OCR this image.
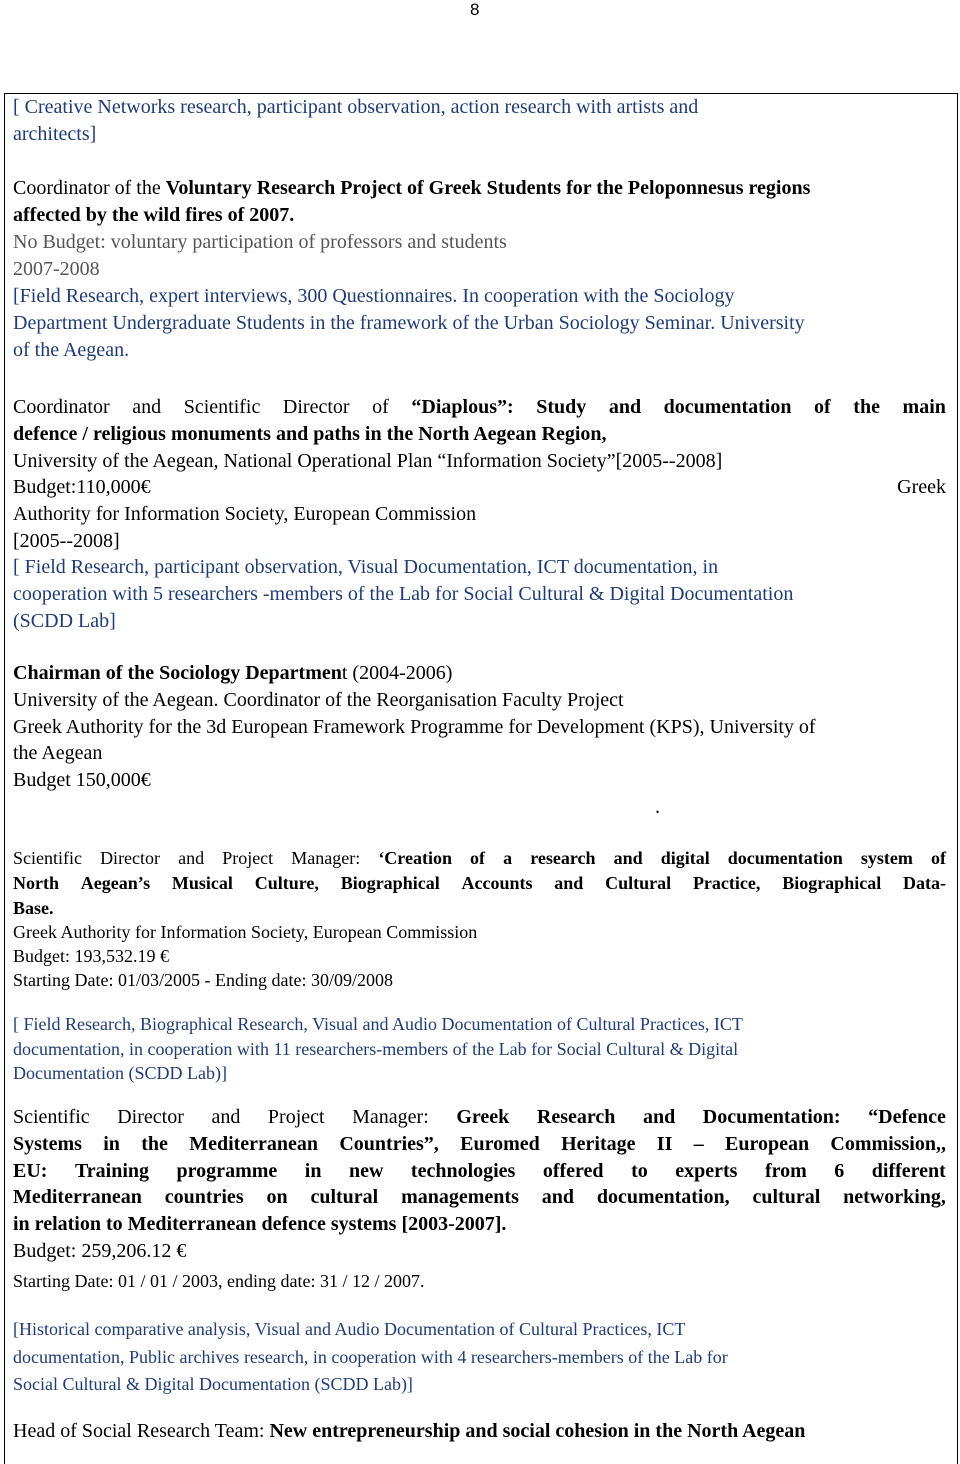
8
[ Creative Networks research, participant observation, action research with artists and
architects]
Coordinator of the Voluntary Research Project of Greek Students for the Peloponnesus regions
affected by the wild fires of 2007.
No Budget: voluntary participation of professors and students
2007-2008
[Field Research, expert interviews, 300 Questionnaires. In cooperation with the Sociology
Department Undergraduate Students in the framework of the Urban Sociology Seminar. University
of the Aegean.
Coordinator and Scientific Director of “Diaplous”: Study and documentation of the main
defence / religious monuments and paths in the North Aegean Region,
University of the Aegean, National Operational Plan “Information Society”[2005--2008]
Budget:110,000€	Greek
Authority for Information Society, European Commission
[2005--2008]
[ Field Research, participant observation, Visual Documentation, ICT documentation, in
cooperation with 5 researchers -members of the Lab for Social Cultural & Digital Documentation
(SCDD Lab]
Chairman of the Sociology Department (2004-2006)
University of the Aegean. Coordinator of the Reorganisation Faculty Project
Greek Authority for the 3d European Framework Programme for Development (KPS), University of
the Aegean
Budget 150,000€
.
Scientific Director and Project Manager: ‘Creation of a research and digital documentation system of
North Aegean’s Musical Culture, Biographical Accounts and Cultural Practice, Biographical Data-
Base.
Greek Authority for Information Society, European Commission
Budget: 193,532.19 €
Starting Date: 01/03/2005 - Ending date: 30/09/2008
[ Field Research, Biographical Research, Visual and Audio Documentation of Cultural Practices, ICT
documentation, in cooperation with 11 researchers-members of the Lab for Social Cultural & Digital
Documentation (SCDD Lab)]
Scientific Director and Project Manager: Greek Research and Documentation: “Defence
Systems in the Mediterranean Countries”, Euromed Heritage II – European Commission,,
EU: Training programme in new technologies offered to experts from 6 different
Mediterranean countries on cultural managements and documentation, cultural networking,
in relation to Mediterranean defence systems [2003-2007].
Budget: 259,206.12 €
Starting Date: 01 / 01 / 2003, ending date: 31 / 12 / 2007.
[Historical comparative analysis, Visual and Audio Documentation of Cultural Practices, ICT
documentation, Public archives research, in cooperation with 4 researchers-members of the Lab for
Social Cultural & Digital Documentation (SCDD Lab)]
Head of Social Research Team: New entrepreneurship and social cohesion in the North Aegean
